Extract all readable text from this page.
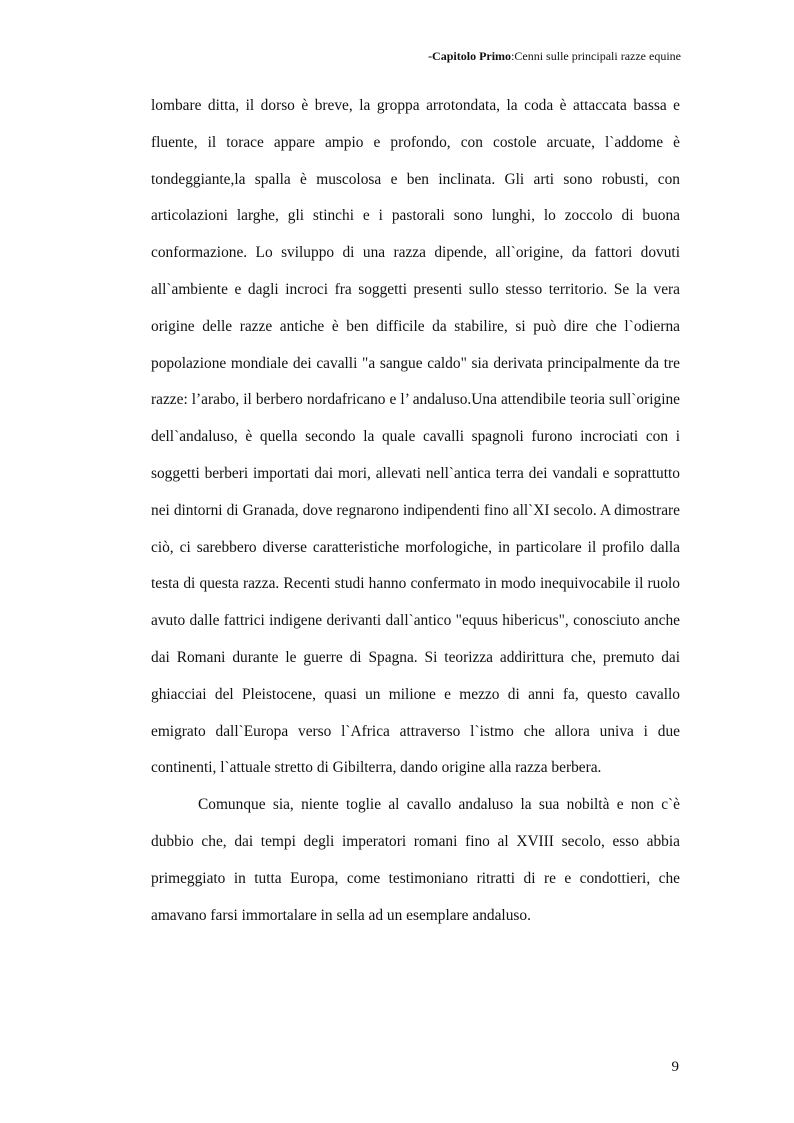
-Capitolo Primo:Cenni sulle principali razze equine

lombare ditta, il dorso è breve, la groppa arrotondata, la coda è attaccata bassa e fluente, il torace appare ampio e profondo, con costole arcuate, l`addome è tondeggiante,la spalla è muscolosa e ben inclinata. Gli arti sono robusti, con articolazioni larghe, gli stinchi e i pastorali sono lunghi, lo zoccolo di buona conformazione. Lo sviluppo di una razza dipende, all`origine, da fattori dovuti all`ambiente e dagli incroci fra soggetti presenti sullo stesso territorio. Se la vera origine delle razze antiche è ben difficile da stabilire, si può dire che l`odierna popolazione mondiale dei cavalli "a sangue caldo" sia derivata principalmente da tre razze: l’arabo, il berbero nordafricano e l’ andaluso.Una attendibile teoria sull`origine dell`andaluso, è quella secondo la quale cavalli spagnoli furono incrociati con i soggetti berberi importati dai mori, allevati nell`antica terra dei vandali e soprattutto nei dintorni di Granada, dove regnarono indipendenti fino all`XI secolo. A dimostrare ciò, ci sarebbero diverse caratteristiche morfologiche, in particolare il profilo dalla testa di questa razza. Recenti studi hanno confermato in modo inequivocabile il ruolo avuto dalle fattrici indigene derivanti dall`antico "equus hibericus", conosciuto anche dai Romani durante le guerre di Spagna. Si teorizza addirittura che, premuto dai ghiacciai del Pleistocene, quasi un milione e mezzo di anni fa, questo cavallo emigrato dall`Europa verso l`Africa attraverso l`istmo che allora univa i due continenti, l`attuale stretto di Gibilterra, dando origine alla razza berbera.

Comunque sia, niente toglie al cavallo andaluso la sua nobiltà e non c`è dubbio che, dai tempi degli imperatori romani fino al XVIII secolo, esso abbia primeggiato in tutta Europa, come testimoniano ritratti di re e condottieri, che amavano farsi immortalare in sella ad un esemplare andaluso.

9
